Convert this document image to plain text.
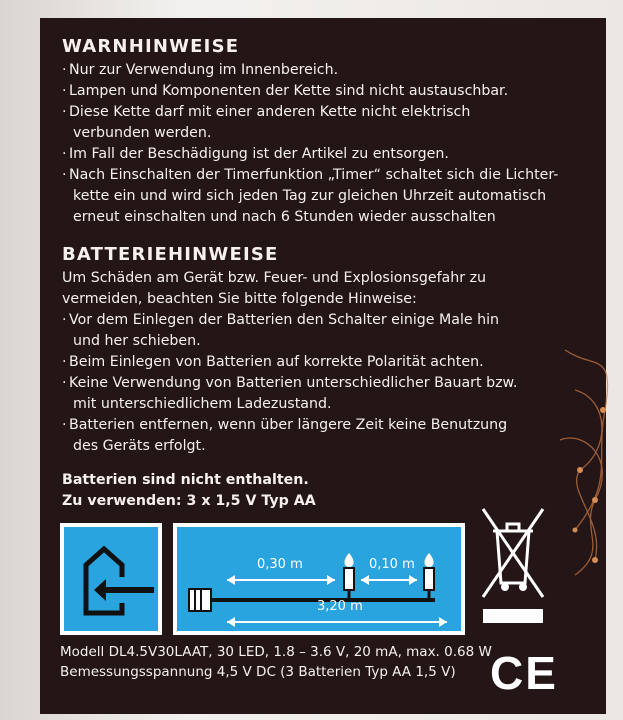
WARNHINWEISE
· Nur zur Verwendung im Innenbereich.
· Lampen und Komponenten der Kette sind nicht austauschbar.
· Diese Kette darf mit einer anderen Kette nicht elektrisch
verbunden werden.
· Im Fall der Beschädigung ist der Artikel zu entsorgen.
· Nach Einschalten der Timerfunktion „Timer“ schaltet sich die Lichter-
kette ein und wird sich jeden Tag zur gleichen Uhrzeit automatisch
erneut einschalten und nach 6 Stunden wieder ausschalten
BATTERIEHINWEISE
Um Schäden am Gerät bzw. Feuer- und Explosionsgefahr zu
vermeiden, beachten Sie bitte folgende Hinweise:
· Vor dem Einlegen der Batterien den Schalter einige Male hin
und her schieben.
· Beim Einlegen von Batterien auf korrekte Polarität achten.
· Keine Verwendung von Batterien unterschiedlicher Bauart bzw.
mit unterschiedlichem Ladezustand.
· Batterien entfernen, wenn über längere Zeit keine Benutzung
des Geräts erfolgt.
Batterien sind nicht enthalten.
Zu verwenden: 3 x 1,5 V Typ AA
0,30 m	0,10 m
3,20 m
Modell DL4.5V30LAAT, 30 LED, 1.8 – 3.6 V, 20 mA, max. 0.68 W
Bemessungsspannung 4,5 V DC (3 Batterien Typ AA 1,5 V) CE
